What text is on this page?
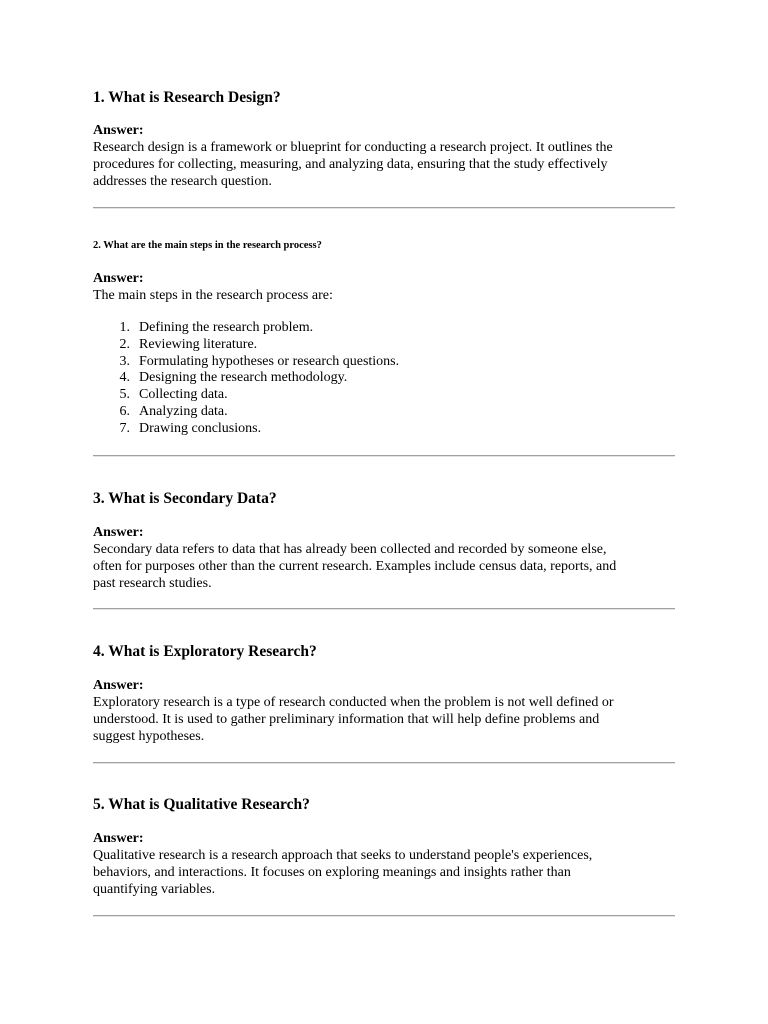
1. What is Research Design?

Answer:

Research design is a framework or blueprint for conducting a research project. It outlines the

procedures for collecting, measuring, and analyzing data, ensuring that the study effectively

addresses the research question.

2. What are the main steps in the research process?

Answer:

The main steps in the research process are:

1. Defining the research problem.
2. Reviewing literature.
3. Formulating hypotheses or research questions.
4. Designing the research methodology.
5. Collecting data.
6. Analyzing data.
7. Drawing conclusions.
3. What is Secondary Data?

Answer:

Secondary data refers to data that has already been collected and recorded by someone else,

often for purposes other than the current research. Examples include census data, reports, and

past research studies.

4. What is Exploratory Research?

Answer:

Exploratory research is a type of research conducted when the problem is not well defined or

understood. It is used to gather preliminary information that will help define problems and

suggest hypotheses.

5. What is Qualitative Research?

Answer:

Qualitative research is a research approach that seeks to understand people's experiences,

behaviors, and interactions. It focuses on exploring meanings and insights rather than

quantifying variables.
